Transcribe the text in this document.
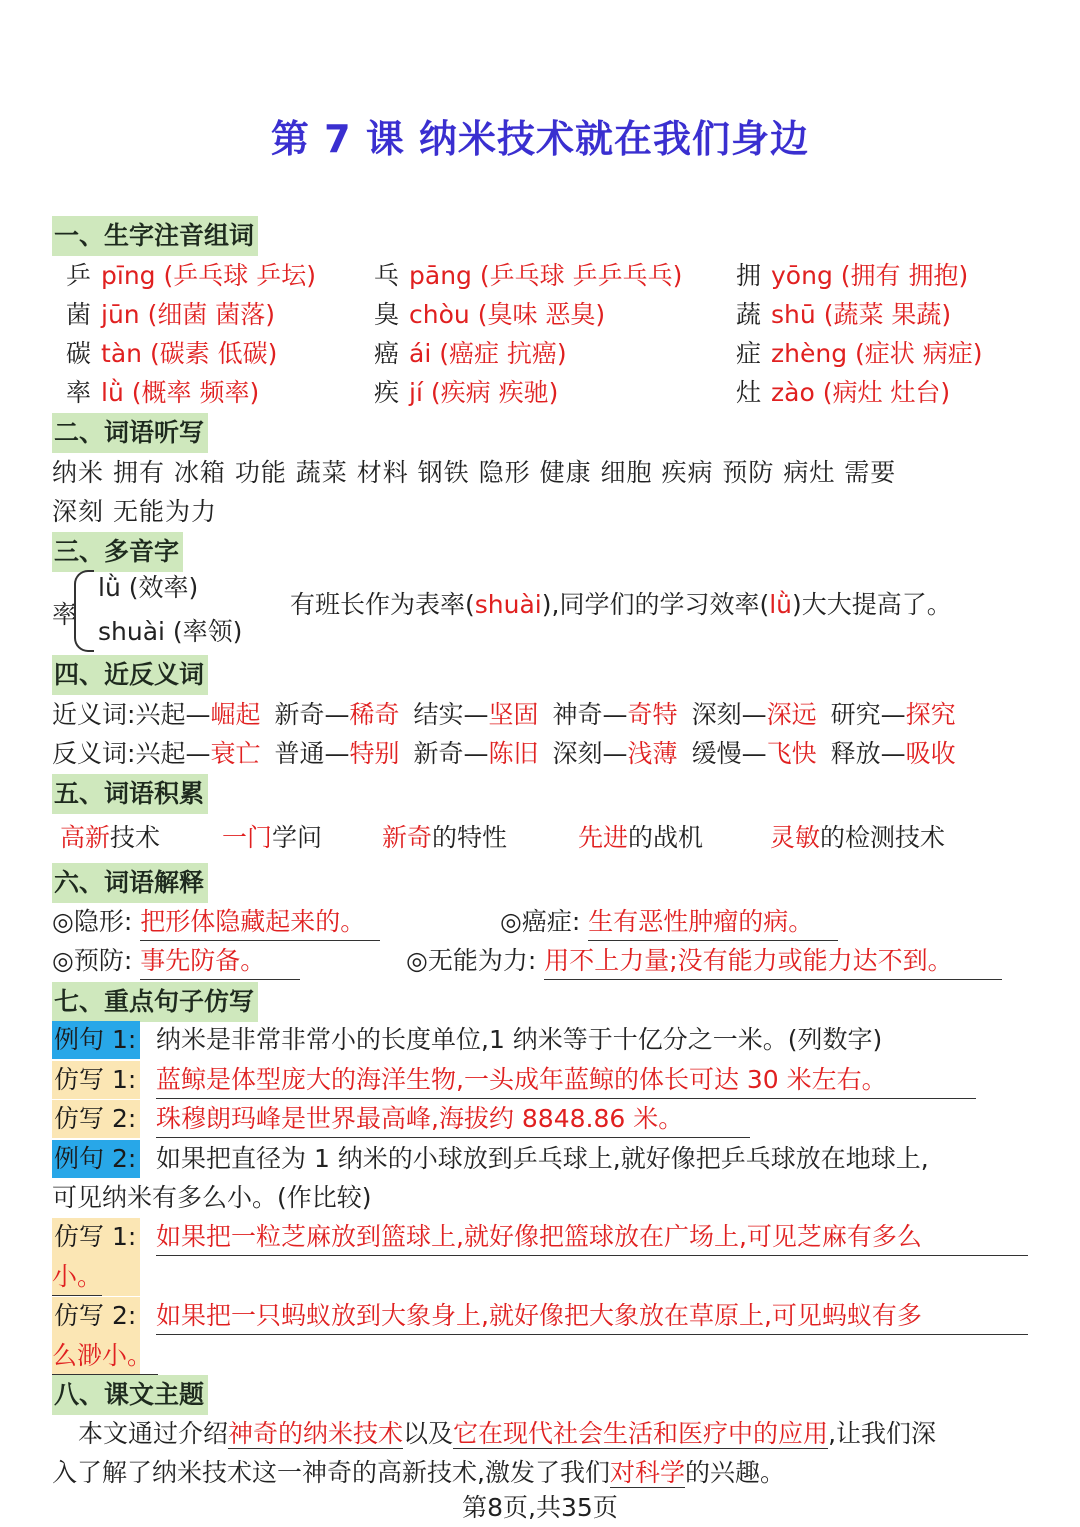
第 7 课 纳米技术就在我们身边
一、生字注音组词
乒 pīng (乒乓球 乒坛) 乓 pāng (乒乓球 乒乒乓乓) 拥 yōng (拥有 拥抱)
菌 jūn (细菌 菌落)	臭 chòu (臭味 恶臭)	蔬 shū (蔬菜 果蔬)
碳 tàn (碳素 低碳)	癌 ái (癌症 抗癌)	症 zhèng (症状 病症)
率 lǜ (概率 频率)	疾 jí (疾病 疾驰)	灶 zào (病灶 灶台)
二、词语听写
纳米 拥有 冰箱 功能 蔬菜 材料 钢铁 隐形 健康 细胞 疾病 预防 病灶 需要
深刻 无能为力
三、多音字
率
lǜ (效率)
shuài (率领)
有班长作为表率(shuài),同学们的学习效率(lǜ)大大提高了。
四、近反义词
近义词:兴起—崛起 新奇—稀奇 结实—坚固 神奇—奇特 深刻—深远 研究—探究
反义词:兴起—衰亡 普通—特别 新奇—陈旧 深刻—浅薄 缓慢—飞快 释放—吸收
五、词语积累
高新技术 一门学问 新奇的特性	先进的战机	灵敏的检测技术
六、词语解释
◎隐形: 把形体隐藏起来的。	◎癌症: 生有恶性肿瘤的病。
◎预防: 事先防备。	◎无能为力: 用不上力量;没有能力或能力达不到。
七、重点句子仿写
例句 1: 纳米是非常非常小的长度单位,1 纳米等于十亿分之一米。(列数字)
仿写 1: 蓝鲸是体型庞大的海洋生物,一头成年蓝鲸的体长可达 30 米左右。
仿写 2: 珠穆朗玛峰是世界最高峰,海拔约 8848.86 米。
例句 2: 如果把直径为 1 纳米的小球放到乒乓球上,就好像把乒乓球放在地球上,
可见纳米有多么小。(作比较)
仿写 1: 如果把一粒芝麻放到篮球上,就好像把篮球放在广场上,可见芝麻有多么
小。
仿写 2: 如果把一只蚂蚁放到大象身上,就好像把大象放在草原上,可见蚂蚁有多
么渺小。
八、课文主题
本文通过介绍神奇的纳米技术以及它在现代社会生活和医疗中的应用,让我们深
入了解了纳米技术这一神奇的高新技术,激发了我们对科学的兴趣。
第8页,共35页
